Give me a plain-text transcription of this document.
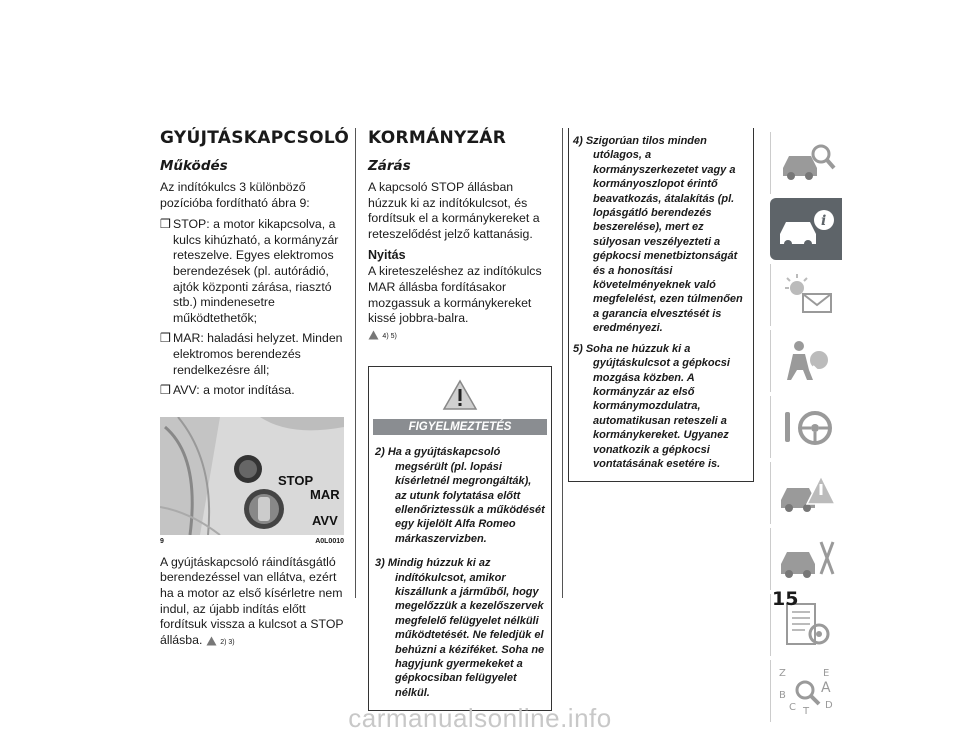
GYÚJTÁSKAPCSOLÓ
Működés

Az indítókulcs 3 különböző pozícióba fordítható ábra 9:

❒ STOP: a motor kikapcsolva, a kulcs kihúzható, a kormányzár reteszelve. Egyes elektromos berendezések (pl. autórádió, ajtók központi zárása, riasztó stb.) mindenesetre működtethetők;
❒ MAR: haladási helyzet. Minden elektromos berendezés rendelkezésre áll;
❒ AVV: a motor indítása.
STOP
MAR
AVV
9	A0L0010

A gyújtáskapcsoló ráindításgátló berendezéssel van ellátva, ezért ha a motor az első kísérletre nem indul, az újabb indítás előtt fordítsuk vissza a kulcsot a STOP állásba.	2) 3)

KORMÁNYZÁR
Zárás

A kapcsoló STOP állásban húzzuk ki az indítókulcsot, és fordítsuk el a kormánykereket a reteszelődést jelző kattanásig.

Nyitás

A kireteszeléshez az indítókulcs MAR állásba fordításakor mozgassuk a kormánykereket kissé jobbra-balra.
4) 5)

FIGYELMEZTETÉS
2) Ha a gyújtáskapcsoló megsérült (pl. lopási kísérletnél megrongálták), az utunk folytatása előtt ellenőriztessük a működését egy kijelölt Alfa Romeo márkaszervizben.
3) Mindig húzzuk ki az indítókulcsot, amikor kiszállunk a járműből, hogy megelőzzük a kezelőszervek megfelelő felügyelet nélküli működtetését. Ne feledjük el behúzni a kéziféket. Soha ne hagyjunk gyermekeket a gépkocsiban felügyelet nélkül.
4) Szigorúan tilos minden utólagos, a kormányszerkezetet vagy a kormányoszlopot érintő beavatkozás, átalakítás (pl. lopásgátló berendezés beszerelése), mert ez súlyosan veszélyezteti a gépkocsi menetbiztonságát és a honosítási követelményeknek való megfelelést, ezen túlmenően a garancia elvesztését is eredményezi.
5) Soha ne húzzuk ki a gyújtáskulcsot a gépkocsi mozgása közben. A kormányzár az első kormánymozdulatra, automatikusan reteszeli a kormánykereket. Ugyanez vonatkozik a gépkocsi vontatásának esetére is.
i
Z	E
B	A
C T
D
15
carmanualsonline.info
